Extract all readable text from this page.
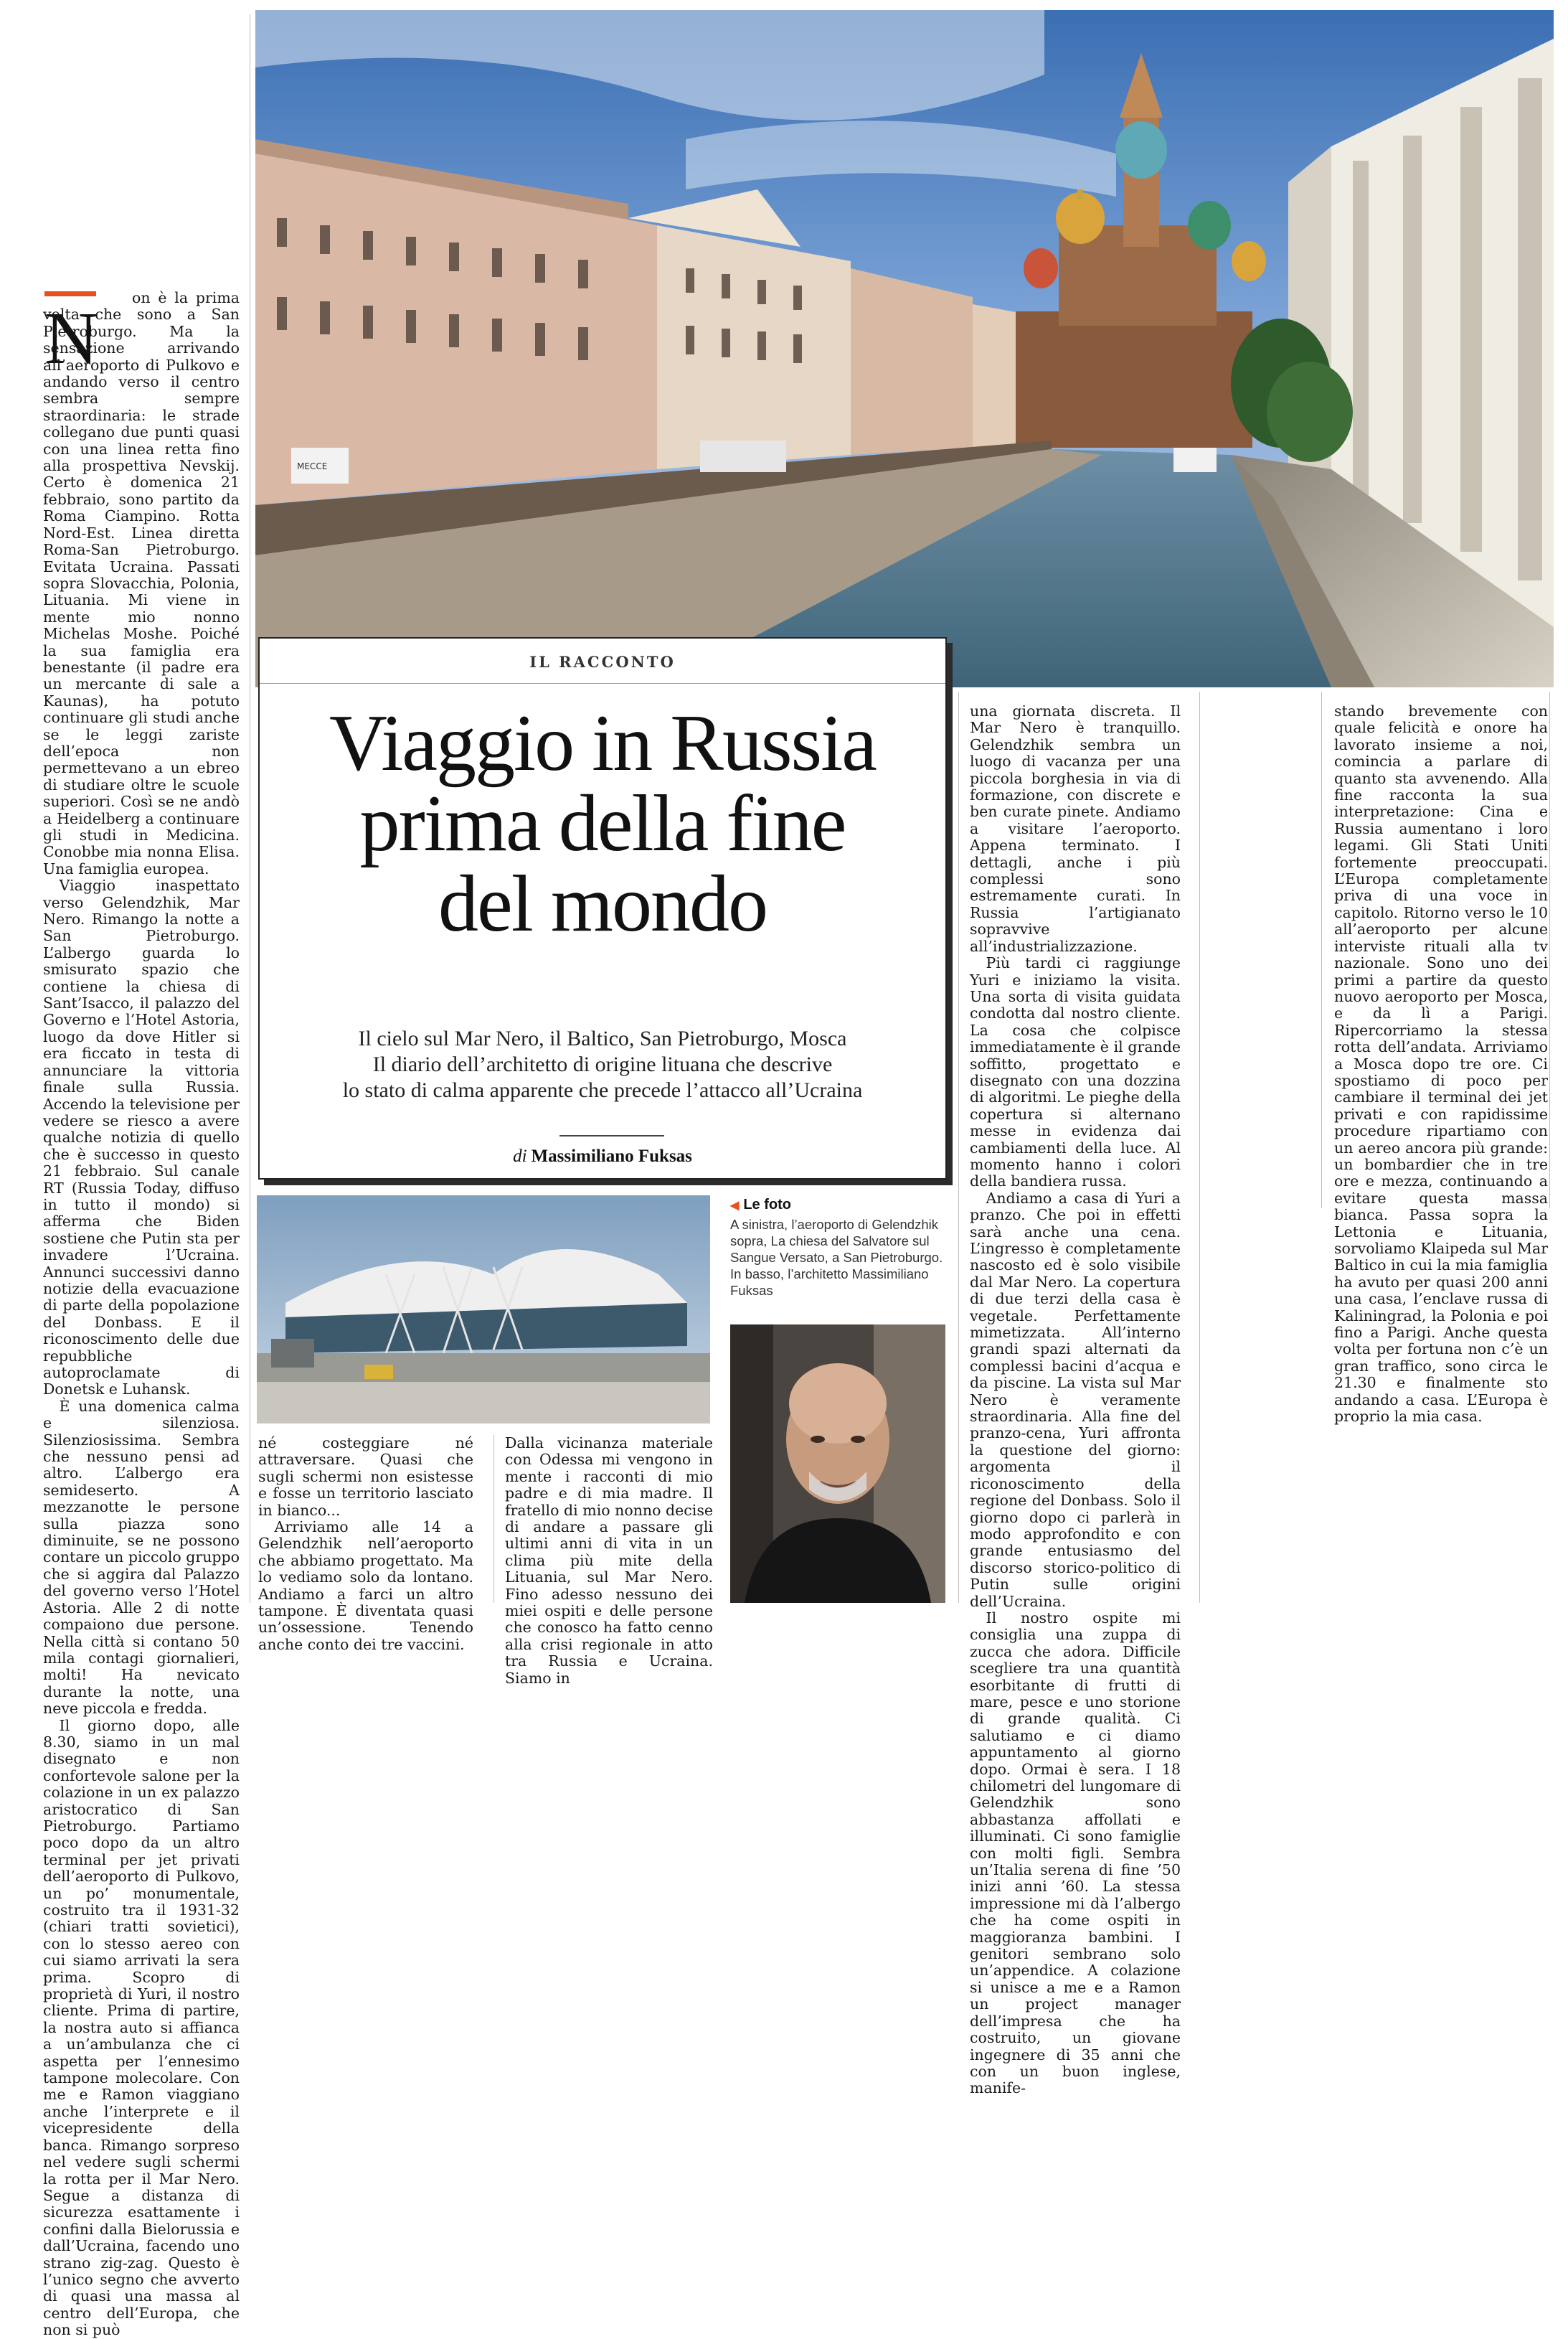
N	on è la prima volta che sono a San Pietroburgo. Ma la sensazione arrivando all’aeroporto di Pulkovo e andando verso il centro sembra sempre straordinaria: le strade collegano due punti quasi con una linea retta fino alla prospettiva Nevskij. Certo è domenica 21 febbraio, sono partito da Roma Ciampino. Rotta Nord-Est. Linea diretta Roma-San Pietroburgo. Evitata Ucraina. Passati sopra Slovacchia, Polonia, Lituania. Mi viene in mente mio nonno Michelas Moshe. Poiché la sua famiglia era benestante (il padre era un mercante di sale a Kaunas), ha potuto continuare gli studi anche se le leggi zariste dell’epoca non permettevano a un ebreo di studiare oltre le scuole superiori. Così se ne andò a Heidelberg a continuare gli studi in Medicina. Conobbe mia nonna Elisa. Una famiglia europea.

Viaggio inaspettato verso Gelendzhik, Mar Nero. Rimango la notte a San Pietroburgo. L’albergo guarda lo smisurato spazio che contiene la chiesa di Sant’Isacco, il palazzo del Governo e l’Hotel Astoria, luogo da dove Hitler si era ficcato in testa di annunciare la vittoria finale sulla Russia. Accendo la televisione per vedere se riesco a avere qualche notizia di quello che è successo in questo 21 febbraio. Sul canale RT (Russia Today, diffuso in tutto il mondo) si afferma che Biden sostiene che Putin sta per invadere l’Ucraina. Annunci successivi danno notizie della evacuazione di parte della popolazione del Donbass. E il riconoscimento delle due repubbliche autoproclamate di Donetsk e Luhansk.

È una domenica calma e silenziosa. Silenziosissima. Sembra che nessuno pensi ad altro. L’albergo era semideserto. A mezzanotte le persone sulla piazza sono diminuite, se ne possono contare un piccolo gruppo che si aggira dal Palazzo del governo verso l’Hotel Astoria. Alle 2 di notte compaiono due persone. Nella città si contano 50 mila contagi giornalieri, molti! Ha nevicato durante la notte, una neve piccola e fredda.

Il giorno dopo, alle 8.30, siamo in un mal disegnato e non confortevole salone per la colazione in un ex palazzo aristocratico di San Pietroburgo. Partiamo poco dopo da un altro terminal per jet privati dell’aeroporto di Pulkovo, un po’ monumentale, costruito tra il 1931-32 (chiari tratti sovietici), con lo stesso aereo con cui siamo arrivati la sera prima. Scopro di proprietà di Yuri, il nostro cliente. Prima di partire, la nostra auto si affianca a un’ambulanza che ci aspetta per l’ennesimo tampone molecolare. Con me e Ramon viaggiano anche l’interprete e il vicepresidente della banca. Rimango sorpreso nel vedere sugli schermi la rotta per il Mar Nero. Segue a distanza di sicurezza esattamente i confini dalla Bielorussia e dall’Ucraina, facendo uno strano zig-zag. Questo è l’unico segno che avverto di quasi una massa al centro dell’Europa, che non si può

MECCE
IL RACCONTO
Viaggio in Russia
prima della fine
del mondo
Il cielo sul Mar Nero, il Baltico, San Pietroburgo, Mosca
Il diario dell’architetto di origine lituana che descrive
lo stato di calma apparente che precede l’attacco all’Ucraina
di Massimiliano Fuksas

né costeggiare né attraversare. Quasi che sugli schermi non esistesse e fosse un territorio lasciato in bianco...

Arriviamo alle 14 a Gelendzhik nell’aeroporto che abbiamo progettato. Ma lo vediamo solo da lontano. Andiamo a farci un altro tampone. È diventata quasi un’ossessione. Tenendo anche conto dei tre vaccini.

Dalla vicinanza materiale con Odessa mi vengono in mente i racconti di mio padre e di mia madre. Il fratello di mio nonno decise di andare a passare gli ultimi anni di vita in un clima più mite della Lituania, sul Mar Nero. Fino adesso nessuno dei miei ospiti e delle persone che conosco ha fatto cenno alla crisi regionale in atto tra Russia e Ucraina. Siamo in

◀ Le foto
A sinistra, l’aeroporto di Gelendzhik sopra, La chiesa del Salvatore sul Sangue Versato, a San Pietroburgo. In basso, l’architetto Massimiliano Fuksas

una giornata discreta. Il Mar Nero è tranquillo. Gelendzhik sembra un luogo di vacanza per una piccola borghesia in via di formazione, con discrete e ben curate pinete. Andiamo a visitare l’aeroporto. Appena terminato. I dettagli, anche i più complessi sono estremamente curati. In Russia l’artigianato sopravvive all’industrializzazione.

Più tardi ci raggiunge Yuri e iniziamo la visita. Una sorta di visita guidata condotta dal nostro cliente. La cosa che colpisce immediatamente è il grande soffitto, progettato e disegnato con una dozzina di algoritmi. Le pieghe della copertura si alternano messe in evidenza dai cambiamenti della luce. Al momento hanno i colori della bandiera russa.

Andiamo a casa di Yuri a pranzo. Che poi in effetti sarà anche una cena. L’ingresso è completamente nascosto ed è solo visibile dal Mar Nero. La copertura di due terzi della casa è vegetale. Perfettamente mimetizzata. All’interno grandi spazi alternati da complessi bacini d’acqua e da piscine. La vista sul Mar Nero è veramente straordinaria. Alla fine del pranzo-cena, Yuri affronta la questione del giorno: argomenta il riconoscimento della regione del Donbass. Solo il giorno dopo ci parlerà in modo approfondito e con grande entusiasmo del discorso storico-politico di Putin sulle origini dell’Ucraina.

Il nostro ospite mi consiglia una zuppa di zucca che adora. Difficile scegliere tra una quantità esorbitante di frutti di mare, pesce e uno storione di grande qualità. Ci salutiamo e ci diamo appuntamento al giorno dopo. Ormai è sera. I 18 chilometri del lungomare di Gelendzhik sono abbastanza affollati e illuminati. Ci sono famiglie con molti figli. Sembra un’Italia serena di fine ’50 inizi anni ’60. La stessa impressione mi dà l’albergo che ha come ospiti in maggioranza bambini. I genitori sembrano solo un’appendice. A colazione si unisce a me e a Ramon un project manager dell’impresa che ha costruito, un giovane ingegnere di 35 anni che con un buon inglese, manife-

stando brevemente con quale felicità e onore ha lavorato insieme a noi, comincia a parlare di quanto sta avvenendo. Alla fine racconta la sua interpretazione: Cina e Russia aumentano i loro legami. Gli Stati Uniti fortemente preoccupati. L’Europa completamente priva di una voce in capitolo. Ritorno verso le 10 all’aeroporto per alcune interviste rituali alla tv nazionale. Sono uno dei primi a partire da questo nuovo aeroporto per Mosca, e da lì a Parigi. Ripercorriamo la stessa rotta dell’andata. Arriviamo a Mosca dopo tre ore. Ci spostiamo di poco per cambiare il terminal dei jet privati e con rapidissime procedure ripartiamo con un aereo ancora più grande: un bombardier che in tre ore e mezza, continuando a evitare questa massa bianca. Passa sopra la Lettonia e Lituania, sorvoliamo Klaipeda sul Mar Baltico in cui la mia famiglia ha avuto per quasi 200 anni una casa, l’enclave russa di Kaliningrad, la Polonia e poi fino a Parigi. Anche questa volta per fortuna non c’è un gran traffico, sono circa le 21.30 e finalmente sto andando a casa. L’Europa è proprio la mia casa.
